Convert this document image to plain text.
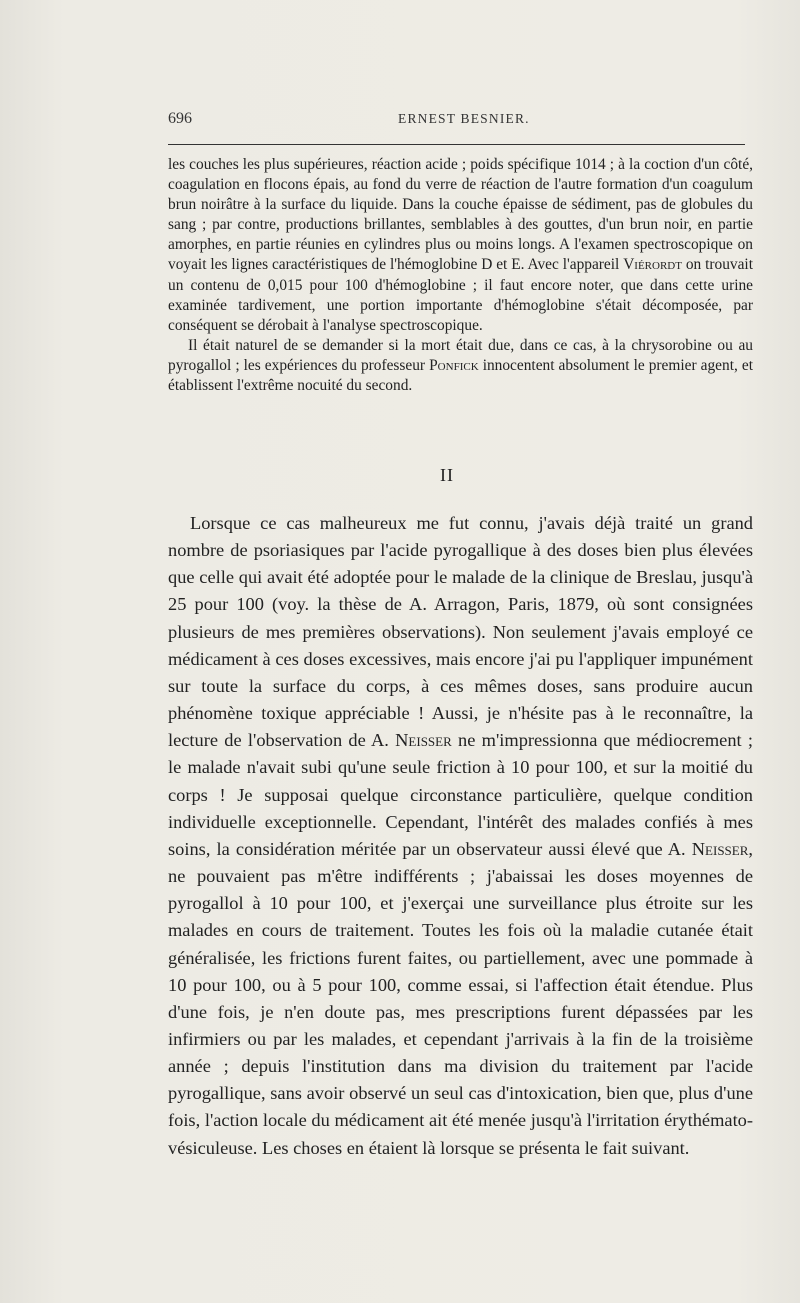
696	ERNEST BESNIER.

les couches les plus supérieures, réaction acide ; poids spécifique 1014 ; à la coction d'un côté, coagulation en flocons épais, au fond du verre de réaction de l'autre formation d'un coagulum brun noirâtre à la surface du liquide. Dans la couche épaisse de sédiment, pas de globules du sang ; par contre, productions brillantes, semblables à des gouttes, d'un brun noir, en partie amorphes, en partie réunies en cylindres plus ou moins longs. A l'examen spectroscopique on voyait les lignes caractéristiques de l'hémoglobine D et E. Avec l'appareil Viérordt on trouvait un contenu de 0,015 pour 100 d'hémoglobine ; il faut encore noter, que dans cette urine examinée tardivement, une portion importante d'hémoglobine s'était décomposée, par conséquent se dérobait à l'analyse spectroscopique.

Il était naturel de se demander si la mort était due, dans ce cas, à la chrysorobine ou au pyrogallol ; les expériences du professeur Ponfick innocentent absolument le premier agent, et établissent l'extrême nocuité du second.

II

Lorsque ce cas malheureux me fut connu, j'avais déjà traité un grand nombre de psoriasiques par l'acide pyrogallique à des doses bien plus élevées que celle qui avait été adoptée pour le malade de la clinique de Breslau, jusqu'à 25 pour 100 (voy. la thèse de A. Arragon, Paris, 1879, où sont consignées plusieurs de mes premières observations). Non seulement j'avais employé ce médicament à ces doses excessives, mais encore j'ai pu l'appliquer impunément sur toute la surface du corps, à ces mêmes doses, sans produire aucun phénomène toxique appréciable ! Aussi, je n'hésite pas à le reconnaître, la lecture de l'observation de A. Neisser ne m'impressionna que médiocrement ; le malade n'avait subi qu'une seule friction à 10 pour 100, et sur la moitié du corps ! Je supposai quelque circonstance particulière, quelque condition individuelle exceptionnelle. Cependant, l'intérêt des malades confiés à mes soins, la considération méritée par un observateur aussi élevé que A. Neisser, ne pouvaient pas m'être indifférents ; j'abaissai les doses moyennes de pyrogallol à 10 pour 100, et j'exerçai une surveillance plus étroite sur les malades en cours de traitement. Toutes les fois où la maladie cutanée était généralisée, les frictions furent faites, ou partiellement, avec une pommade à 10 pour 100, ou à 5 pour 100, comme essai, si l'affection était étendue. Plus d'une fois, je n'en doute pas, mes prescriptions furent dépassées par les infirmiers ou par les malades, et cependant j'arrivais à la fin de la troisième année ; depuis l'institution dans ma division du traitement par l'acide pyrogallique, sans avoir observé un seul cas d'intoxication, bien que, plus d'une fois, l'action locale du médicament ait été menée jusqu'à l'irritation érythémato-vésiculeuse. Les choses en étaient là lorsque se présenta le fait suivant.
